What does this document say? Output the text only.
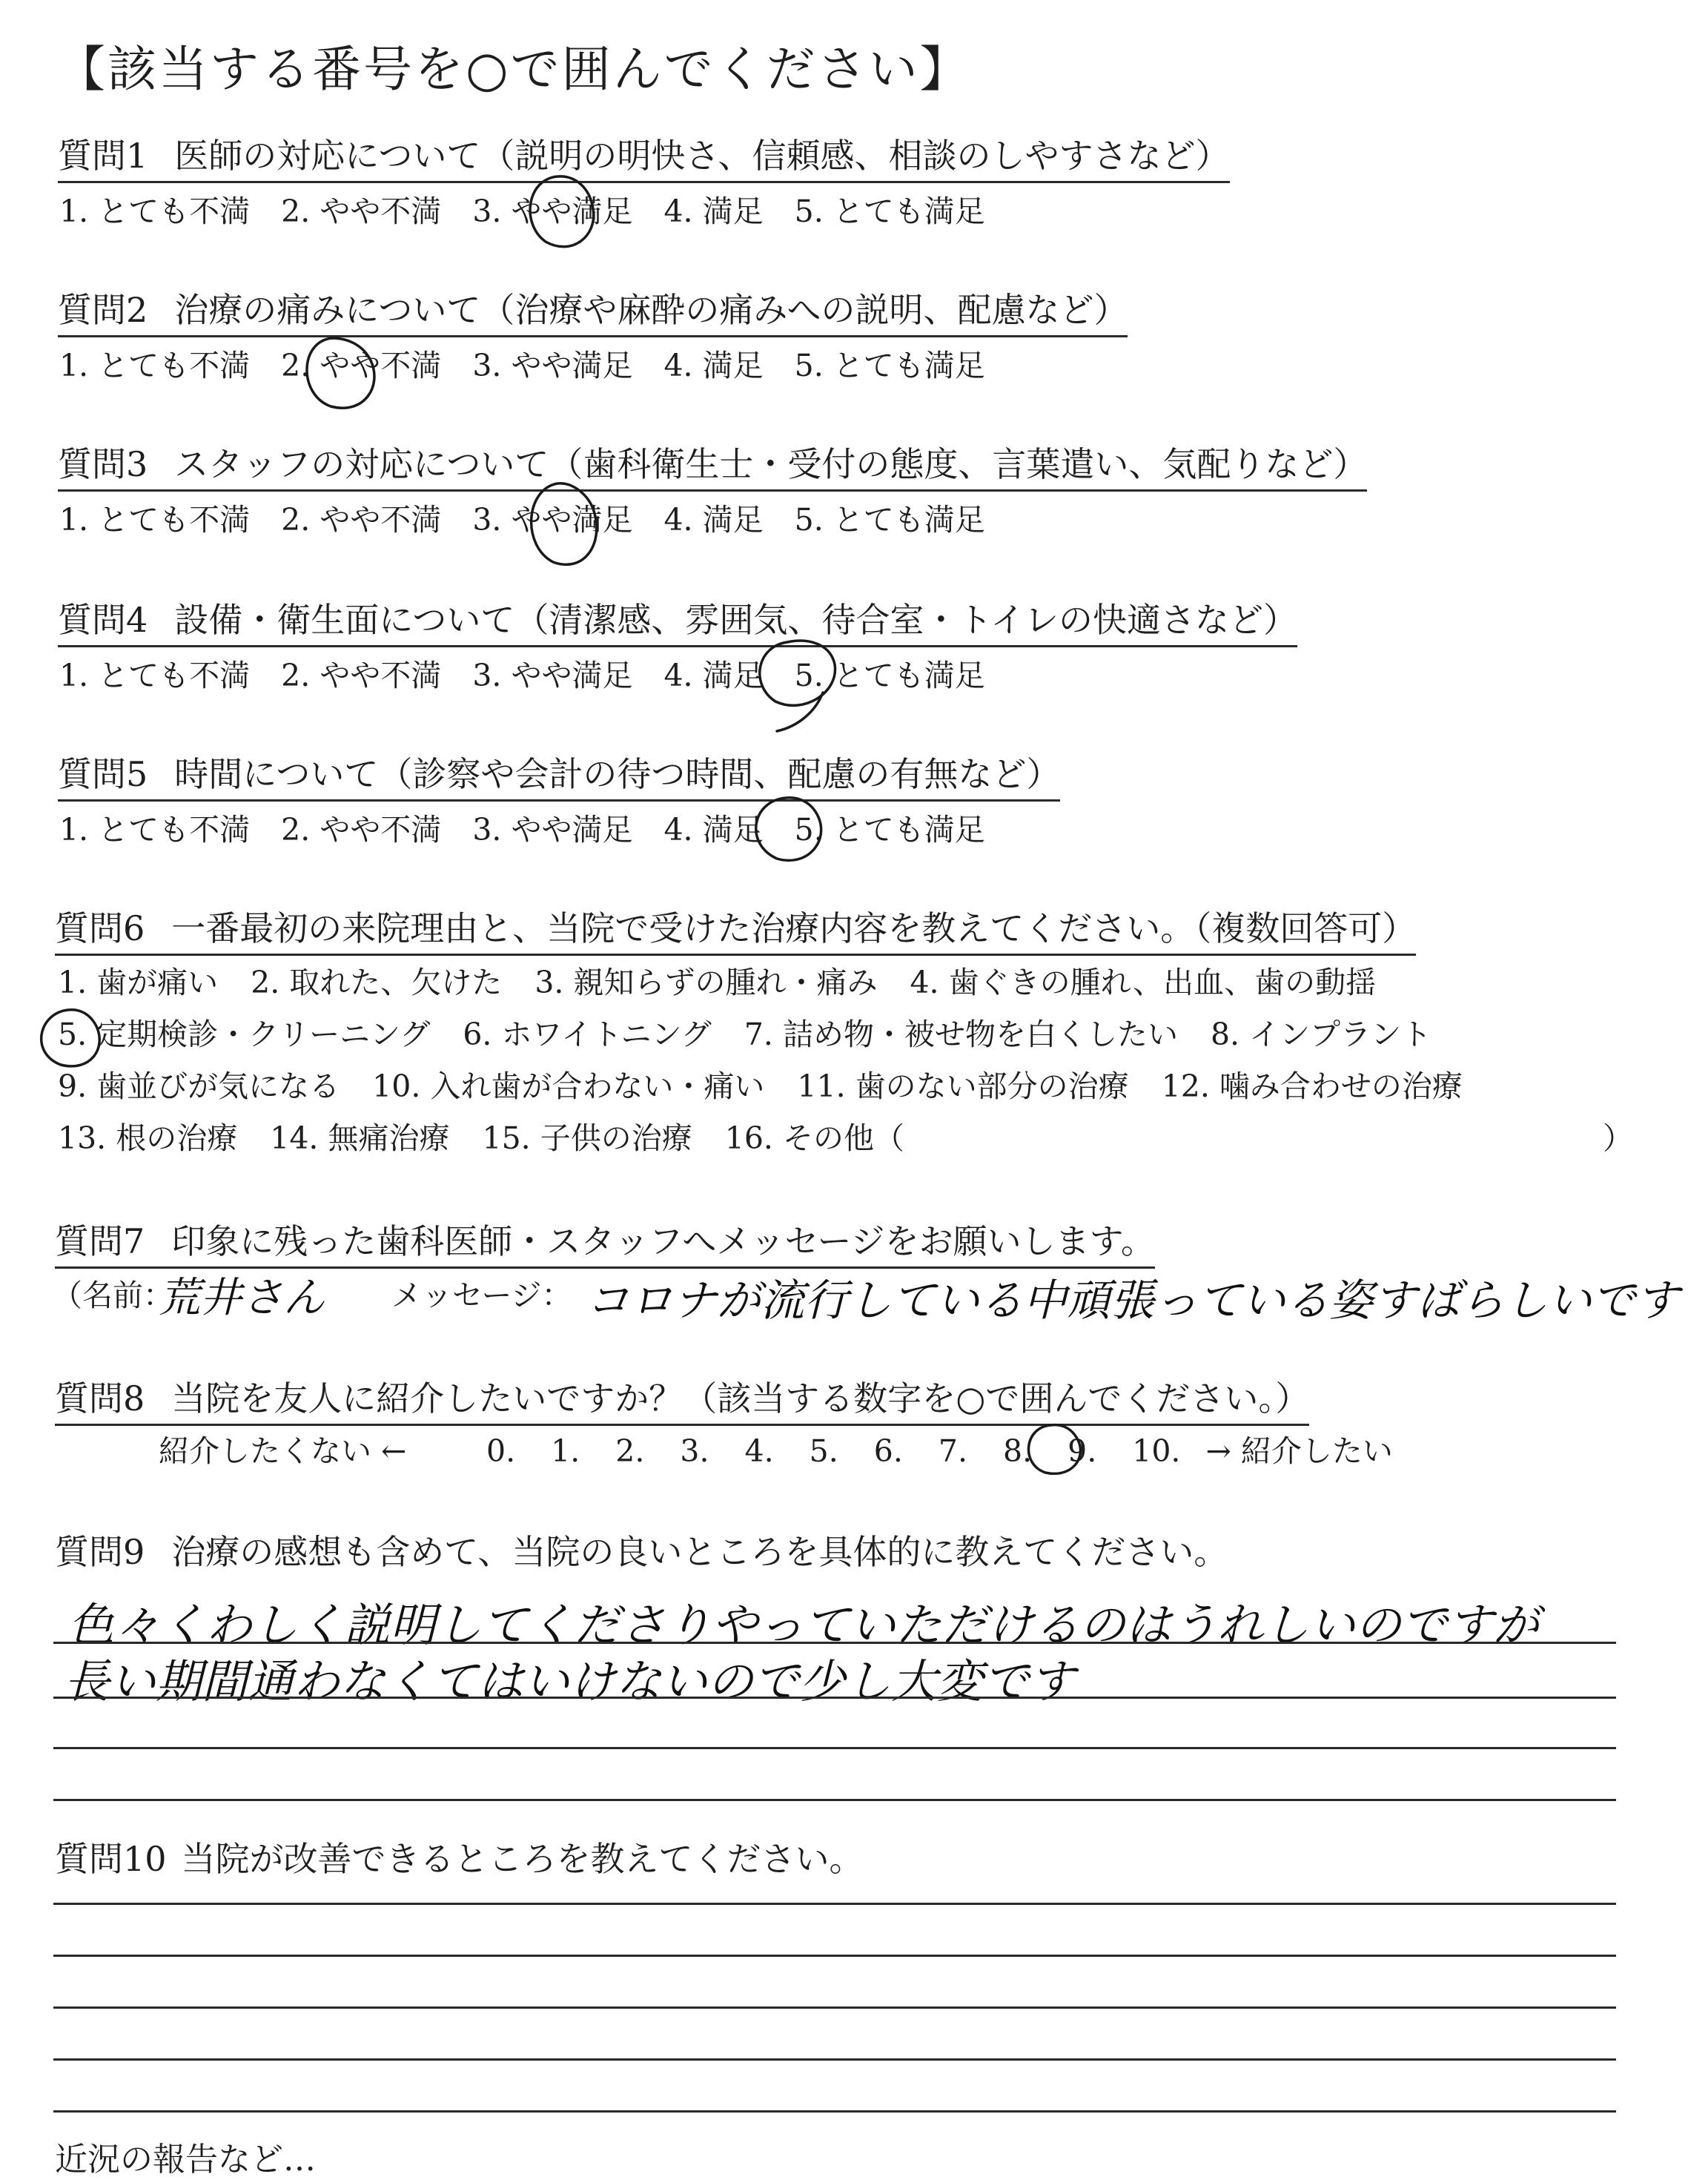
【該当する番号を○で囲んでください】
質問1 医師の対応について（説明の明快さ、信頼感、相談のしやすさなど）
1. とても不満 2. やや不満 3. やや満足 4. 満足 5. とても満足
質問2 治療の痛みについて（治療や麻酔の痛みへの説明、配慮など）
1. とても不満 2. やや不満 3. やや満足 4. 満足 5. とても満足
質問3 スタッフの対応について（歯科衛生士・受付の態度、言葉遣い、気配りなど）
1. とても不満 2. やや不満 3. やや満足 4. 満足 5. とても満足
質問4 設備・衛生面について（清潔感、雰囲気、待合室・トイレの快適さなど）
1. とても不満 2. やや不満 3. やや満足 4. 満足 5. とても満足
質問5 時間について（診察や会計の待つ時間、配慮の有無など）
1. とても不満 2. やや不満 3. やや満足 4. 満足 5. とても満足
質問6 一番最初の来院理由と、当院で受けた治療内容を教えてください。（複数回答可）
1. 歯が痛い 2. 取れた、欠けた 3. 親知らずの腫れ・痛み 4. 歯ぐきの腫れ、出血、歯の動揺
5. 定期検診・クリーニング 6. ホワイトニング 7. 詰め物・被せ物を白くしたい 8. インプラント
9. 歯並びが気になる 10. 入れ歯が合わない・痛い 11. 歯のない部分の治療 12. 噛み合わせの治療
13. 根の治療 14. 無痛治療 15. 子供の治療 16. その他（	）
質問7 印象に残った歯科医師・スタッフへメッセージをお願いします。
（名前：
荒井さん メッセージ： コロナが流行している中頑張っている姿すばらしいです
質問8 当院を友人に紹介したいですか？（該当する数字を○で囲んでください。）
紹介したくない ←	0. 1. 2. 3. 4. 5. 6. 7. 8. 9. 10. → 紹介したい
質問9 治療の感想も含めて、当院の良いところを具体的に教えてください。
色々くわしく説明してくださりやっていただけるのはうれしいのですが
長い期間通わなくてはいけないので少し大変です
質問10 当院が改善できるところを教えてください。
近況の報告など…
